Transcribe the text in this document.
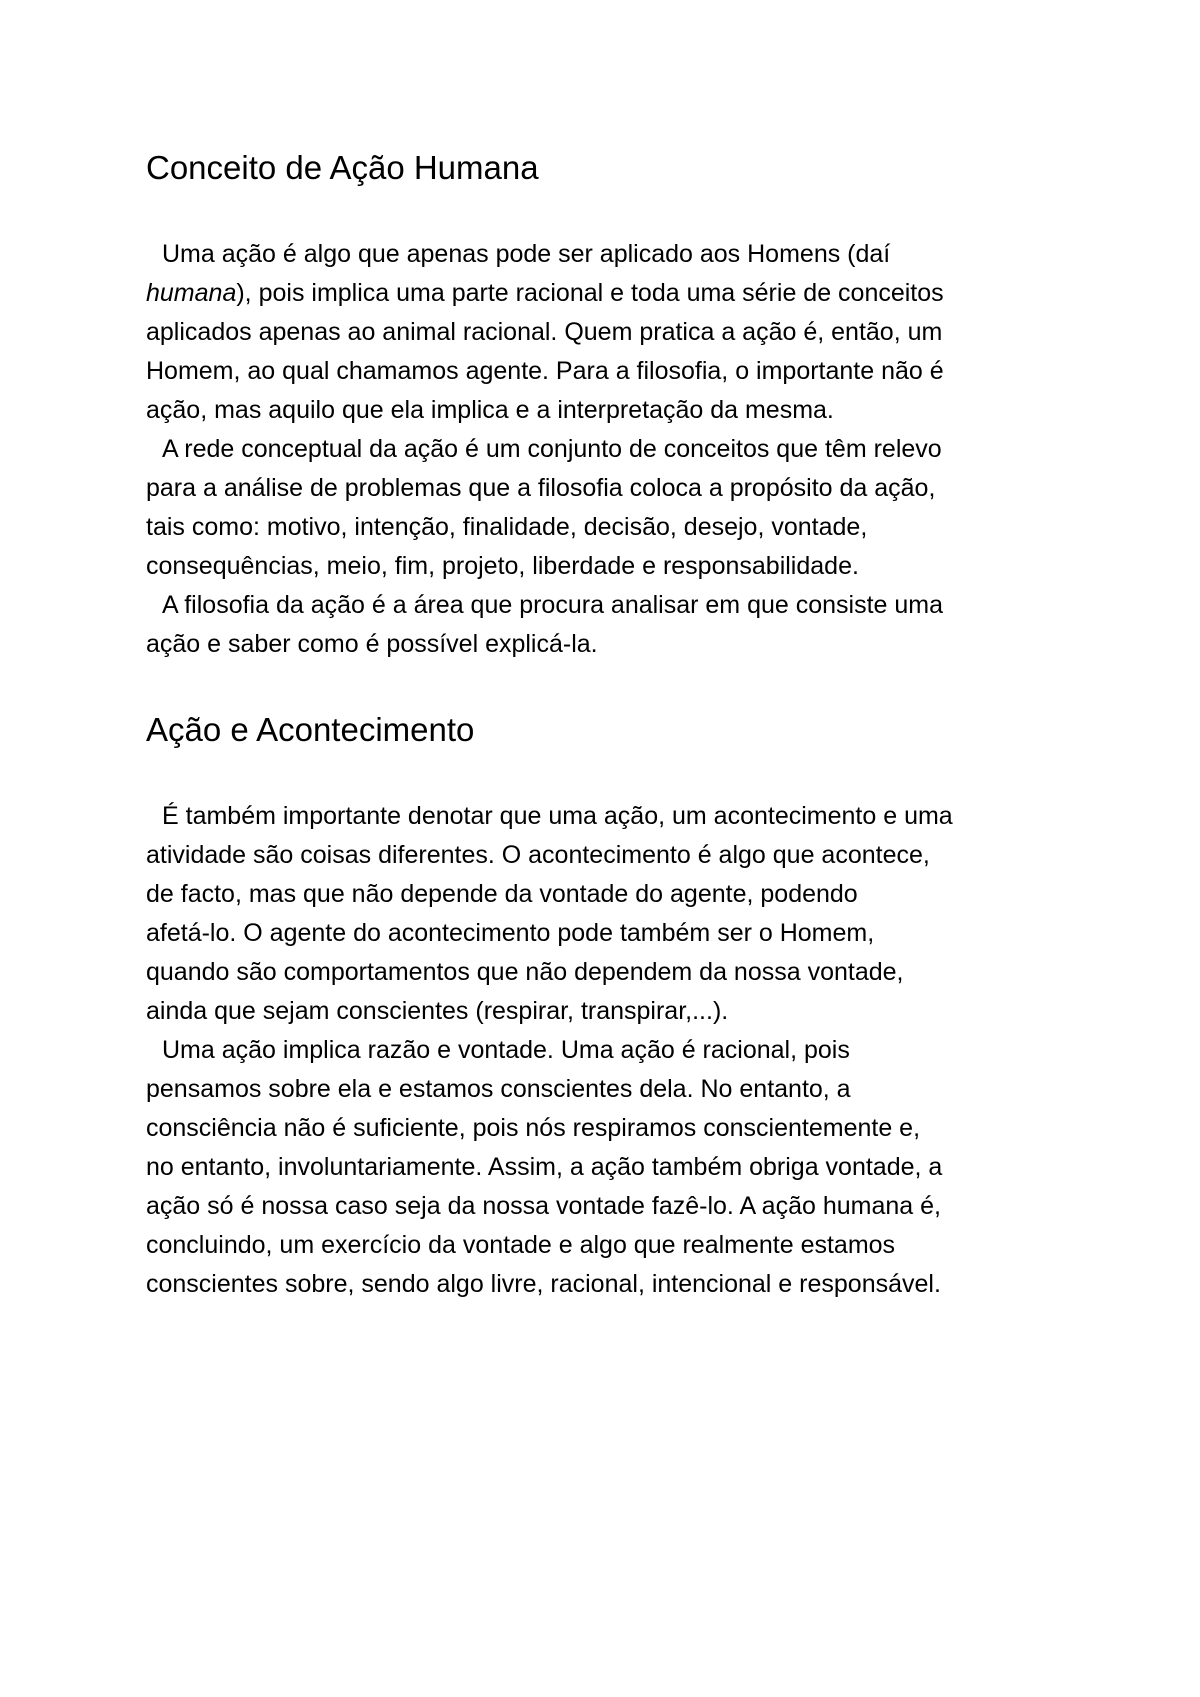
Conceito de Ação Humana
Uma ação é algo que apenas pode ser aplicado aos Homens (daí
humana), pois implica uma parte racional e toda uma série de conceitos
aplicados apenas ao animal racional. Quem pratica a ação é, então, um
Homem, ao qual chamamos agente. Para a filosofia, o importante não é
ação, mas aquilo que ela implica e a interpretação da mesma.
A rede conceptual da ação é um conjunto de conceitos que têm relevo
para a análise de problemas que a filosofia coloca a propósito da ação,
tais como: motivo, intenção, finalidade, decisão, desejo, vontade,
consequências, meio, fim, projeto, liberdade e responsabilidade.
A filosofia da ação é a área que procura analisar em que consiste uma
ação e saber como é possível explicá-la.
Ação e Acontecimento
É também importante denotar que uma ação, um acontecimento e uma
atividade são coisas diferentes. O acontecimento é algo que acontece,
de facto, mas que não depende da vontade do agente, podendo
afetá-lo. O agente do acontecimento pode também ser o Homem,
quando são comportamentos que não dependem da nossa vontade,
ainda que sejam conscientes (respirar, transpirar,...).
Uma ação implica razão e vontade. Uma ação é racional, pois
pensamos sobre ela e estamos conscientes dela. No entanto, a
consciência não é suficiente, pois nós respiramos conscientemente e,
no entanto, involuntariamente. Assim, a ação também obriga vontade, a
ação só é nossa caso seja da nossa vontade fazê-lo. A ação humana é,
concluindo, um exercício da vontade e algo que realmente estamos
conscientes sobre, sendo algo livre, racional, intencional e responsável.
